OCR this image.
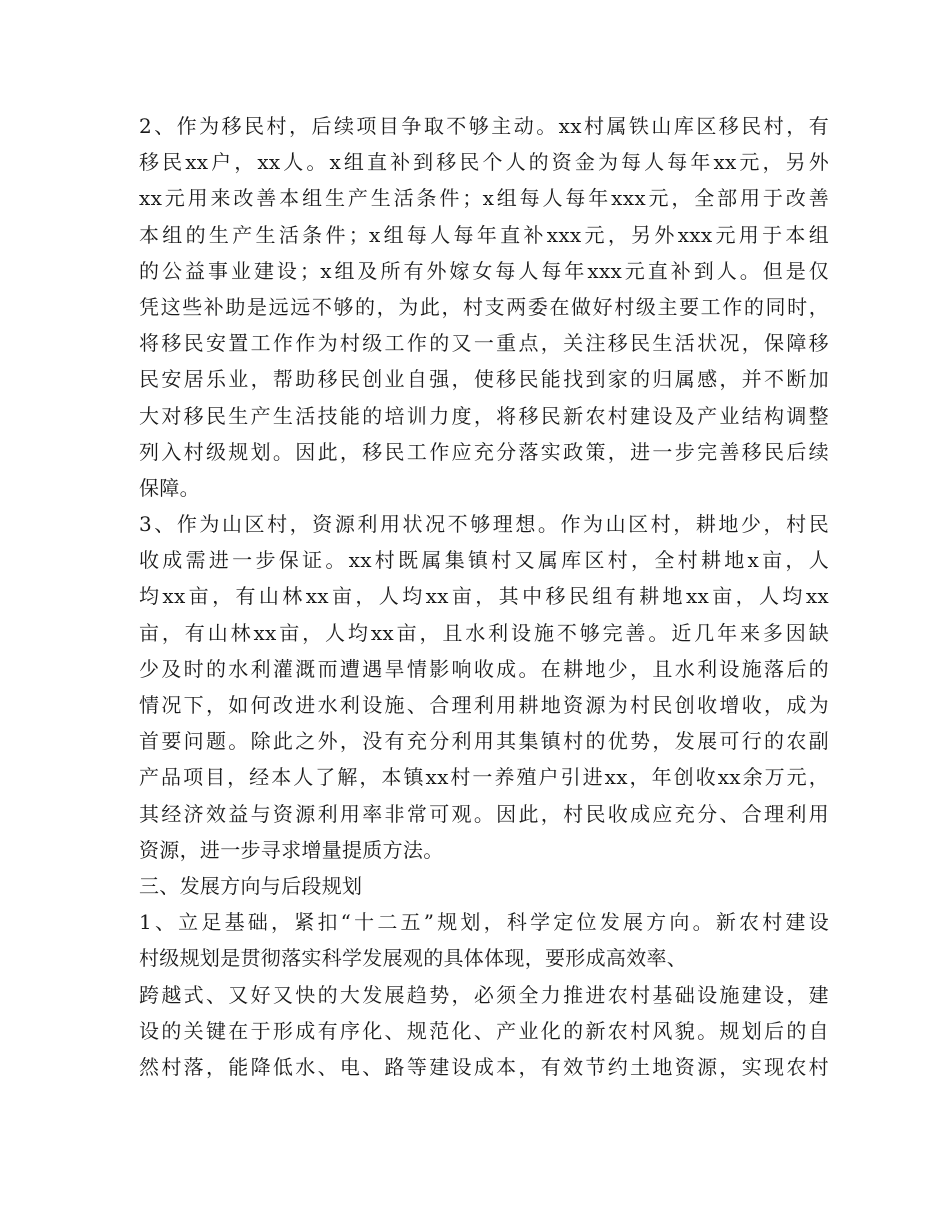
2、作为移民村，后续项目争取不够主动。xx村属铁山库区移民村，有
移民xx户，xx人。x组直补到移民个人的资金为每人每年xx元，另外
xx元用来改善本组生产生活条件；x组每人每年xxx元，全部用于改善
本组的生产生活条件；x组每人每年直补xxx元，另外xxx元用于本组
的公益事业建设；x组及所有外嫁女每人每年xxx元直补到人。但是仅
凭这些补助是远远不够的，为此，村支两委在做好村级主要工作的同时，
将移民安置工作作为村级工作的又一重点，关注移民生活状况，保障移
民安居乐业，帮助移民创业自强，使移民能找到家的归属感，并不断加
大对移民生产生活技能的培训力度，将移民新农村建设及产业结构调整
列入村级规划。因此，移民工作应充分落实政策，进一步完善移民后续
保障。
3、作为山区村，资源利用状况不够理想。作为山区村，耕地少，村民
收成需进一步保证。xx村既属集镇村又属库区村，全村耕地x亩，人
均xx亩，有山林xx亩，人均xx亩，其中移民组有耕地xx亩，人均xx
亩，有山林xx亩，人均xx亩，且水利设施不够完善。近几年来多因缺
少及时的水利灌溉而遭遇旱情影响收成。在耕地少，且水利设施落后的
情况下，如何改进水利设施、合理利用耕地资源为村民创收增收，成为
首要问题。除此之外，没有充分利用其集镇村的优势，发展可行的农副
产品项目，经本人了解，本镇xx村一养殖户引进xx，年创收xx余万元，
其经济效益与资源利用率非常可观。因此，村民收成应充分、合理利用
资源，进一步寻求增量提质方法。
三、发展方向与后段规划
1、立足基础，紧扣“十二五”规划，科学定位发展方向。新农村建设
村级规划是贯彻落实科学发展观的具体体现，要形成高效率、
跨越式、又好又快的大发展趋势，必须全力推进农村基础设施建设，建
设的关键在于形成有序化、规范化、产业化的新农村风貌。规划后的自
然村落，能降低水、电、路等建设成本，有效节约土地资源，实现农村
